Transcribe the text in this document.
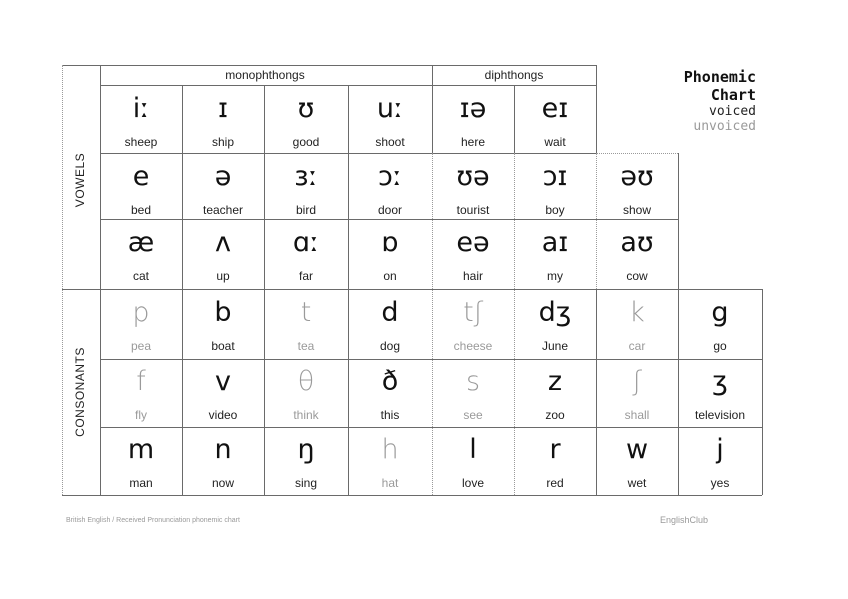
monophthongs	diphthongs
VOWELS
CONSONANTS
Phonemic
Chart
voiced
unvoiced
iː
sheep
ɪ
ship
ʊ
good
uː
shoot
ɪə
here
eɪ
wait
e
bed
ə
teacher
ɜː
bird
ɔː
door
ʊə
tourist
ɔɪ
boy
əʊ
show
æ
cat
ʌ
up
ɑː
far
ɒ
on
eə
hair
aɪ
my
aʊ
cow
p
pea
b
boat
t
tea
d
dog
tʃ
cheese
dʒ
June
k
car
g
go
f
fly
v
video
θ
think
ð
this
s
see
z
zoo
ʃ
shall
ʒ
television
m
man
n
now
ŋ
sing
h
hat
l
love
r
red
w
wet
j
yes
British English / Received Pronunciation phonemic chart	EnglishClub
